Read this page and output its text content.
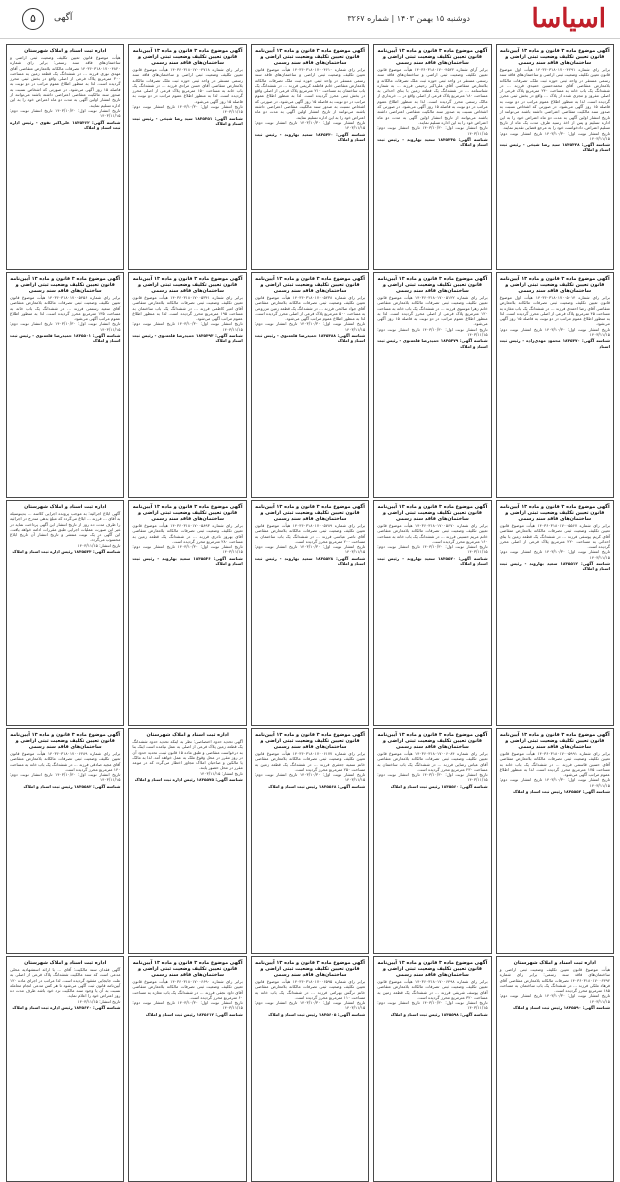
اسیاسا
دوشنبه ۱۵ بهمن ۱۴۰۳ | شماره ۳۲۶۷
آگهی
۵
آگهی موضوع ماده ۳ قانون و ماده ۱۳ آیین‌نامه قانون تعیین تکلیف وضعیت ثبتی اراضی و ساختمان‌های فاقد سند رسمی
برابر رای شماره ۱۴۰۳۶۰۳۱۸۰۱۷۰۰۴۲۹۱ هیأت اول موضوع قانون تعیین تکلیف وضعیت ثبتی اراضی و ساختمان‌های فاقد سند رسمی مستقر در واحد ثبتی حوزه ثبت ملک، تصرفات مالکانه بلامعارض متقاضی آقای محمدحسین حمیدی فرزند ... در ششدانگ یک باب خانه به مساحت ۲۴۰ مترمربع پلاک فرعی از اصلی مفروز و مجزی شده از پلاک ... واقع در بخش ثبتی محرز گردیده است. لذا به منظور اطلاع عموم مراتب در دو نوبت به فاصله ۱۵ روز آگهی می‌شود. در صورتی که اشخاص نسبت به صدور سند مالکیت متقاضی اعتراضی داشته باشند می‌توانند از تاریخ انتشار اولین آگهی به مدت دو ماه اعتراض خود را به این اداره تسلیم و پس از اخذ رسید ظرف مدت یک ماه از تاریخ تسلیم اعتراض، دادخواست خود را به مرجع قضایی تقدیم نمایند.
تاریخ انتشار نوبت اول: ۱۴۰۳/۱۰/۳۰ تاریخ انتشار نوبت دوم: ۱۴۰۳/۱۱/۱۵
شناسه آگهی: ۱۸۴۵۴۲۸ سید رضا شیخی - رئیس ثبت اسناد و املاک
آگهی موضوع ماده ۳ قانون و ماده ۱۳ آیین‌نامه قانون تعیین تکلیف وضعیت ثبتی اراضی و ساختمان‌های فاقد سند رسمی
برابر آرای شماره ۱۴۰۳۶۰۳۱۸۰۱۷۰۰۴۵۲۲ هیأت موضوع قانون تعیین تکلیف وضعیت ثبتی اراضی و ساختمان‌های فاقد سند رسمی مستقر در واحد ثبتی حوزه ثبت ملک تصرفات مالکانه و بلامعارض متقاضی آقای علی‌اکبر رحیمی فرزند ... به شماره شناسنامه ... در ششدانگ یک قطعه زمین با بنای احداثی به مساحت ۱۸۰ مترمربع پلاک فرعی از اصلی واقع در ... خریداری از مالک رسمی محرز گردیده است. لذا به منظور اطلاع عموم مراتب در دو نوبت به فاصله ۱۵ روز آگهی می‌شود. در صورتی که اشخاص نسبت به صدور سند مالکیت متقاضی اعتراضی داشته باشند می‌توانند از تاریخ انتشار اولین آگهی به مدت دو ماه اعتراض خود را به این اداره تسلیم نمایند.
تاریخ انتشار نوبت اول: ۱۴۰۳/۱۰/۳۰ تاریخ انتشار نوبت دوم: ۱۴۰۳/۱۱/۱۵
شناسه آگهی: ۱۸۴۵۴۳۵ سعید بهاروند - رئیس ثبت اسناد و املاک
آگهی موضوع ماده ۳ قانون و ماده ۱۳ آیین‌نامه قانون تعیین تکلیف وضعیت ثبتی اراضی و ساختمان‌های فاقد سند رسمی
برابر رای شماره ۱۴۰۳۶۰۳۱۸۰۱۷۰۰۴۶۱۰ هیأت موضوع قانون تعیین تکلیف وضعیت ثبتی اراضی و ساختمان‌های فاقد سند رسمی مستقر در واحد ثبتی حوزه ثبت ملک تصرفات مالکانه بلامعارض متقاضی خانم فاطمه کریمی فرزند ... در ششدانگ یک باب ساختمان به مساحت ۲۱۰ مترمربع پلاک فرعی از اصلی واقع در بخش ثبتی محرز گردیده است. لذا به منظور اطلاع عموم مراتب در دو نوبت به فاصله ۱۵ روز آگهی می‌شود. در صورتی که اشخاص نسبت به صدور سند مالکیت متقاضی اعتراضی داشته باشند می‌توانند از تاریخ انتشار اولین آگهی به مدت دو ماه اعتراض خود را به این اداره تسلیم نمایند.
تاریخ انتشار نوبت اول: ۱۴۰۳/۱۰/۳۰ تاریخ انتشار نوبت دوم: ۱۴۰۳/۱۱/۱۵
شناسه آگهی: ۱۸۴۵۴۴۰ سعید بهاروند - رئیس ثبت اسناد و املاک
آگهی موضوع ماده ۳ قانون و ماده ۱۳ آیین‌نامه قانون تعیین تکلیف وضعیت ثبتی اراضی و ساختمان‌های فاقد سند رسمی
برابر رای شماره ۱۴۰۳۶۰۳۱۸۰۱۷۰۰۴۷۱۸ هیأت موضوع قانون تعیین تکلیف وضعیت ثبتی اراضی و ساختمان‌های فاقد سند رسمی مستقر در واحد ثبتی حوزه ثبت ملک تصرفات مالکانه بلامعارض متقاضی آقای حسن مرادی فرزند ... در ششدانگ یک باب خانه به مساحت ۱۵۰ مترمربع پلاک فرعی از اصلی محرز گردیده است. لذا به منظور اطلاع عموم مراتب در دو نوبت به فاصله ۱۵ روز آگهی می‌شود.
تاریخ انتشار نوبت اول: ۱۴۰۳/۱۰/۳۰ تاریخ انتشار نوبت دوم: ۱۴۰۳/۱۱/۱۵
شناسه آگهی: ۱۸۴۵۴۵۱ سید رضا شیخی - رئیس ثبت اسناد و املاک
اداره ثبت اسناد و املاک شهرستان
هیأت موضوع قانون تعیین تکلیف وضعیت ثبتی اراضی و ساختمان‌های فاقد سند رسمی: برابر رای شماره ۱۴۰۳۶۰۳۱۸۰۱۷۰۰۴۸۲۰ تصرفات مالکانه بلامعارض متقاضی آقای مهدی نوری فرزند ... در ششدانگ یک قطعه زمین به مساحت ۳۰۰ مترمربع پلاک فرعی از اصلی واقع در بخش ثبتی محرز گردیده است. لذا به منظور اطلاع عموم مراتب در دو نوبت به فاصله ۱۵ روز آگهی می‌شود. در صورتی که اشخاص نسبت به صدور سند مالکیت متقاضی اعتراضی داشته باشند می‌توانند از تاریخ انتشار اولین آگهی به مدت دو ماه اعتراض خود را به این اداره تسلیم نمایند.
تاریخ انتشار نوبت اول: ۱۴۰۳/۱۰/۳۰ تاریخ انتشار نوبت دوم: ۱۴۰۳/۱۱/۱۵
شناسه آگهی: ۱۸۴۵۴۶۲ علی‌اکبر تقوی - رئیس اداره ثبت اسناد و املاک
آگهی موضوع ماده ۳ قانون و ماده ۱۳ آیین‌نامه قانون تعیین تکلیف وضعیت ثبتی اراضی و ساختمان‌های فاقد سند رسمی
برابر رای شماره ۱۴۰۳۶۰۳۱۸۰۱۷۰۰۵۰۱۴ هیأت اول موضوع قانون تعیین تکلیف وضعیت ثبتی تصرفات مالکانه بلامعارض متقاضی آقای رضا احمدی فرزند ... در ششدانگ یک باب مغازه به مساحت ۴۵ مترمربع پلاک فرعی از اصلی محرز گردیده است. لذا به منظور اطلاع عموم مراتب در دو نوبت به فاصله ۱۵ روز آگهی می‌شود.
تاریخ انتشار نوبت اول: ۱۴۰۳/۱۰/۳۰ تاریخ انتشار نوبت دوم: ۱۴۰۳/۱۱/۱۵
شناسه آگهی: ۱۸۴۵۴۷۰ محمود مهدی‌زاده - رئیس ثبت اسناد
آگهی موضوع ماده ۳ قانون و ماده ۱۳ آیین‌نامه قانون تعیین تکلیف وضعیت ثبتی اراضی و ساختمان‌های فاقد سند رسمی
برابر رای شماره ۱۴۰۳۶۰۳۱۸۰۱۷۰۰۵۱۲۲ هیأت موضوع قانون تعیین تکلیف وضعیت ثبتی تصرفات مالکانه بلامعارض متقاضی خانم زهرا موسوی فرزند ... در ششدانگ یک باب خانه به مساحت ۱۲۰ مترمربع پلاک فرعی از اصلی محرز گردیده است. لذا به منظور اطلاع عموم مراتب در دو نوبت به فاصله ۱۵ روز آگهی می‌شود.
تاریخ انتشار نوبت اول: ۱۴۰۳/۱۰/۳۰ تاریخ انتشار نوبت دوم: ۱۴۰۳/۱۱/۱۵
شناسه آگهی: ۱۸۴۵۴۷۹ حمیدرضا قلعه‌نوی - رئیس ثبت اسناد و املاک
آگهی موضوع ماده ۳ قانون و ماده ۱۳ آیین‌نامه قانون تعیین تکلیف وضعیت ثبتی اراضی و ساختمان‌های فاقد سند رسمی
برابر رای شماره ۱۴۰۳۶۰۳۱۸۰۱۷۰۰۵۲۳۸ هیأت موضوع قانون تعیین تکلیف وضعیت ثبتی تصرفات مالکانه بلامعارض متقاضی آقای جواد صالحی فرزند ... در ششدانگ یک قطعه زمین مزروعی به مساحت ۵۰۰ مترمربع پلاک فرعی از اصلی محرز گردیده است. لذا به منظور اطلاع عموم مراتب آگهی می‌شود.
تاریخ انتشار نوبت اول: ۱۴۰۳/۱۰/۳۰ تاریخ انتشار نوبت دوم: ۱۴۰۳/۱۱/۱۵
شناسه آگهی: ۱۸۴۵۴۸۸ حمیدرضا قلعه‌نوی - رئیس ثبت اسناد و املاک
آگهی موضوع ماده ۳ قانون و ماده ۱۳ آیین‌نامه قانون تعیین تکلیف وضعیت ثبتی اراضی و ساختمان‌های فاقد سند رسمی
برابر رای شماره ۱۴۰۳۶۰۳۱۸۰۱۷۰۰۵۳۴۱ هیأت موضوع قانون تعیین تکلیف وضعیت ثبتی تصرفات مالکانه بلامعارض متقاضی آقای امیر کاظمی فرزند ... در ششدانگ یک باب ساختمان به مساحت ۱۹۵ مترمربع محرز گردیده است. لذا به منظور اطلاع عموم مراتب آگهی می‌شود.
تاریخ انتشار نوبت اول: ۱۴۰۳/۱۰/۳۰ تاریخ انتشار نوبت دوم: ۱۴۰۳/۱۱/۱۵
شناسه آگهی: ۱۸۴۵۴۹۳ حمیدرضا قلعه‌نوی - رئیس ثبت اسناد و املاک
آگهی موضوع ماده ۳ قانون و ماده ۱۳ آیین‌نامه قانون تعیین تکلیف وضعیت ثبتی اراضی و ساختمان‌های فاقد سند رسمی
برابر رای شماره ۱۴۰۳۶۰۳۱۸۰۱۷۰۰۵۴۵۶ هیأت موضوع قانون تعیین تکلیف وضعیت ثبتی تصرفات مالکانه بلامعارض متقاضی آقای سعید رستمی فرزند ... در ششدانگ یک باب خانه به مساحت ۱۳۵ مترمربع محرز گردیده است. لذا به منظور اطلاع عموم مراتب آگهی می‌شود.
تاریخ انتشار نوبت اول: ۱۴۰۳/۱۰/۳۰ تاریخ انتشار نوبت دوم: ۱۴۰۳/۱۱/۱۵
شناسه آگهی: ۱۸۴۵۵۰۱ حمیدرضا قلعه‌نوی - رئیس ثبت اسناد و املاک
آگهی موضوع ماده ۳ قانون و ماده ۱۳ آیین‌نامه قانون تعیین تکلیف وضعیت ثبتی اراضی و ساختمان‌های فاقد سند رسمی
برابر رای شماره ۱۴۰۳۶۰۳۱۸۰۱۷۰۰۵۵۶۷ هیأت موضوع قانون تعیین تکلیف وضعیت ثبتی تصرفات مالکانه بلامعارض متقاضی آقای کریم یوسفی فرزند ... در ششدانگ یک قطعه زمین با بنای احداثی به مساحت ۲۲۰ مترمربع پلاک فرعی از اصلی محرز گردیده است.
تاریخ انتشار نوبت اول: ۱۴۰۳/۱۰/۳۰ تاریخ انتشار نوبت دوم: ۱۴۰۳/۱۱/۱۵
شناسه آگهی: ۱۸۴۵۵۱۲ سعید بهاروند - رئیس ثبت اسناد و املاک
آگهی موضوع ماده ۳ قانون و ماده ۱۳ آیین‌نامه قانون تعیین تکلیف وضعیت ثبتی اراضی و ساختمان‌های فاقد سند رسمی
برابر رای شماره ۱۴۰۳۶۰۳۱۸۰۱۷۰۰۵۶۷۰ هیأت موضوع قانون تعیین تکلیف وضعیت ثبتی تصرفات مالکانه بلامعارض متقاضی خانم مریم حسینی فرزند ... در ششدانگ یک باب خانه به مساحت ۱۶۰ مترمربع محرز گردیده است.
تاریخ انتشار نوبت اول: ۱۴۰۳/۱۰/۳۰ تاریخ انتشار نوبت دوم: ۱۴۰۳/۱۱/۱۵
شناسه آگهی: ۱۸۴۵۵۲۰ سعید بهاروند - رئیس ثبت اسناد و املاک
آگهی موضوع ماده ۳ قانون و ماده ۱۳ آیین‌نامه قانون تعیین تکلیف وضعیت ثبتی اراضی و ساختمان‌های فاقد سند رسمی
برابر رای شماره ۱۴۰۳۶۰۳۱۸۰۱۷۰۰۵۷۸۹ هیأت موضوع قانون تعیین تکلیف وضعیت ثبتی تصرفات مالکانه بلامعارض متقاضی آقای ناصر عباسی فرزند ... در ششدانگ یک باب ساختمان به مساحت ۲۰۰ مترمربع محرز گردیده است.
تاریخ انتشار نوبت اول: ۱۴۰۳/۱۰/۳۰ تاریخ انتشار نوبت دوم: ۱۴۰۳/۱۱/۱۵
شناسه آگهی: ۱۸۴۵۵۲۸ سعید بهاروند - رئیس ثبت اسناد و املاک
آگهی موضوع ماده ۳ قانون و ماده ۱۳ آیین‌نامه قانون تعیین تکلیف وضعیت ثبتی اراضی و ساختمان‌های فاقد سند رسمی
برابر رای شماره ۱۴۰۳۶۰۳۱۸۰۱۷۰۰۵۸۹۳ هیأت موضوع قانون تعیین تکلیف وضعیت ثبتی تصرفات مالکانه بلامعارض متقاضی آقای بهروز نادری فرزند ... در ششدانگ یک قطعه زمین به مساحت ۲۸۰ مترمربع محرز گردیده است.
تاریخ انتشار نوبت اول: ۱۴۰۳/۱۰/۳۰ تاریخ انتشار نوبت دوم: ۱۴۰۳/۱۱/۱۵
شناسه آگهی: ۱۸۴۵۵۳۶ سعید بهاروند - رئیس ثبت اسناد و املاک
اداره ثبت اسناد و املاک شهرستان
آگهی ابلاغ اجرائیه: به موجب پرونده اجرایی کلاسه ... بدینوسیله به آقای ... فرزند ... ابلاغ می‌گردد که مبلغ بدهی مندرج در اجرائیه را ظرف مدت ده روز از تاریخ انتشار این آگهی پرداخت نماید در غیر این صورت عملیات اجرایی طبق مقررات ادامه خواهد یافت. این آگهی در یک نوبت منتشر و تاریخ انتشار آن تاریخ ابلاغ محسوب می‌گردد.
تاریخ انتشار: ۱۴۰۳/۱۱/۱۵
شناسه آگهی: ۱۸۴۵۵۴۴ رئیس اداره ثبت اسناد و املاک
آگهی موضوع ماده ۳ قانون و ماده ۱۳ آیین‌نامه قانون تعیین تکلیف وضعیت ثبتی اراضی و ساختمان‌های فاقد سند رسمی
برابر رای شماره ۱۴۰۳۶۰۳۱۸۰۱۷۰۰۵۹۹۱ هیأت موضوع قانون تعیین تکلیف وضعیت ثبتی تصرفات مالکانه بلامعارض متقاضی آقای حسین قاسمی فرزند ... در ششدانگ یک باب خانه به مساحت ۱۷۵ مترمربع محرز گردیده است. لذا به منظور اطلاع عموم مراتب آگهی می‌شود.
تاریخ انتشار نوبت اول: ۱۴۰۳/۱۰/۳۰ تاریخ انتشار نوبت دوم: ۱۴۰۳/۱۱/۱۵
شناسه آگهی: ۱۸۴۵۵۵۲ رئیس ثبت اسناد و املاک
آگهی موضوع ماده ۳ قانون و ماده ۱۳ آیین‌نامه قانون تعیین تکلیف وضعیت ثبتی اراضی و ساختمان‌های فاقد سند رسمی
برابر رای شماره ۱۴۰۳۶۰۳۱۸۰۱۷۰۰۶۰۸۴ هیأت موضوع قانون تعیین تکلیف وضعیت ثبتی تصرفات مالکانه بلامعارض متقاضی آقای عباس رضایی فرزند ... در ششدانگ یک باب ساختمان به مساحت ۲۳۰ مترمربع محرز گردیده است.
تاریخ انتشار نوبت اول: ۱۴۰۳/۱۰/۳۰ تاریخ انتشار نوبت دوم: ۱۴۰۳/۱۱/۱۵
شناسه آگهی: ۱۸۴۵۵۶۰ رئیس ثبت اسناد و املاک
آگهی موضوع ماده ۳ قانون و ماده ۱۳ آیین‌نامه قانون تعیین تکلیف وضعیت ثبتی اراضی و ساختمان‌های فاقد سند رسمی
برابر رای شماره ۱۴۰۳۶۰۳۱۸۰۱۷۰۰۶۱۷۷ هیأت موضوع قانون تعیین تکلیف وضعیت ثبتی تصرفات مالکانه بلامعارض متقاضی خانم سمیه جعفری فرزند ... در ششدانگ یک قطعه زمین به مساحت ۲۵۰ مترمربع محرز گردیده است.
تاریخ انتشار نوبت اول: ۱۴۰۳/۱۰/۳۰ تاریخ انتشار نوبت دوم: ۱۴۰۳/۱۱/۱۵
شناسه آگهی: ۱۸۴۵۵۶۸ رئیس ثبت اسناد و املاک
اداره ثبت اسناد و املاک شهرستان
آگهی تحدید حدود اختصاصی: نظر به اینکه تحدید حدود ششدانگ یک قطعه زمین پلاک فرعی از اصلی به عمل نیامده است اینک بنا به درخواست متقاضی و طبق ماده ۱۵ قانون ثبت، تحدید حدود آن در روز مقرر در محل وقوع ملک به عمل خواهد آمد. لذا به مالک یا مالکین و صاحبان املاک مجاور اخطار می‌گردد که در موعد مقرر در محل حضور یابند.
تاریخ انتشار: ۱۴۰۳/۱۱/۱۵
شناسه آگهی: ۱۸۴۵۵۷۵ رئیس اداره ثبت اسناد و املاک
آگهی موضوع ماده ۳ قانون و ماده ۱۳ آیین‌نامه قانون تعیین تکلیف وضعیت ثبتی اراضی و ساختمان‌های فاقد سند رسمی
برابر رای شماره ۱۴۰۳۶۰۳۱۸۰۱۷۰۰۶۲۸۹ هیأت موضوع قانون تعیین تکلیف وضعیت ثبتی تصرفات مالکانه بلامعارض متقاضی آقای مجید صادقی فرزند ... در ششدانگ یک باب خانه به مساحت ۱۴۰ مترمربع محرز گردیده است.
تاریخ انتشار نوبت اول: ۱۴۰۳/۱۰/۳۰ تاریخ انتشار نوبت دوم: ۱۴۰۳/۱۱/۱۵
شناسه آگهی: ۱۸۴۵۵۸۲ رئیس ثبت اسناد و املاک
اداره ثبت اسناد و املاک شهرستان
هیأت موضوع قانون تعیین تکلیف وضعیت ثبتی اراضی و ساختمان‌های فاقد سند رسمی: برابر رای شماره ۱۴۰۳۶۰۳۱۸۰۱۷۰۰۶۳۹۲ تصرفات مالکانه بلامعارض متقاضی آقای فرهاد ملکی فرزند ... در ششدانگ یک باب ساختمان به مساحت ۱۸۵ مترمربع محرز گردیده است.
تاریخ انتشار نوبت اول: ۱۴۰۳/۱۰/۳۰ تاریخ انتشار نوبت دوم: ۱۴۰۳/۱۱/۱۵
شناسه آگهی: ۱۸۴۵۵۹۰ رئیس ثبت اسناد و املاک
آگهی موضوع ماده ۳ قانون و ماده ۱۳ آیین‌نامه قانون تعیین تکلیف وضعیت ثبتی اراضی و ساختمان‌های فاقد سند رسمی
برابر رای شماره ۱۴۰۳۶۰۳۱۸۰۱۷۰۰۶۴۹۸ هیأت موضوع قانون تعیین تکلیف وضعیت ثبتی تصرفات مالکانه بلامعارض متقاضی آقای یوسف شریفی فرزند ... در ششدانگ یک قطعه زمین به مساحت ۳۲۰ مترمربع محرز گردیده است.
تاریخ انتشار نوبت اول: ۱۴۰۳/۱۰/۳۰ تاریخ انتشار نوبت دوم: ۱۴۰۳/۱۱/۱۵
شناسه آگهی: ۱۸۴۵۵۹۸ رئیس ثبت اسناد و املاک
آگهی موضوع ماده ۳ قانون و ماده ۱۳ آیین‌نامه قانون تعیین تکلیف وضعیت ثبتی اراضی و ساختمان‌های فاقد سند رسمی
برابر رای شماره ۱۴۰۳۶۰۳۱۸۰۱۷۰۰۶۵۹۵ هیأت موضوع قانون تعیین تکلیف وضعیت ثبتی تصرفات مالکانه بلامعارض متقاضی خانم نرگس بهرامی فرزند ... در ششدانگ یک باب خانه به مساحت ۱۱۰ مترمربع محرز گردیده است.
تاریخ انتشار نوبت اول: ۱۴۰۳/۱۰/۳۰ تاریخ انتشار نوبت دوم: ۱۴۰۳/۱۱/۱۵
شناسه آگهی: ۱۸۴۵۶۰۵ رئیس ثبت اسناد و املاک
آگهی موضوع ماده ۳ قانون و ماده ۱۳ آیین‌نامه قانون تعیین تکلیف وضعیت ثبتی اراضی و ساختمان‌های فاقد سند رسمی
برابر رای شماره ۱۴۰۳۶۰۳۱۸۰۱۷۰۰۶۶۹۰ هیأت موضوع قانون تعیین تکلیف وضعیت ثبتی تصرفات مالکانه بلامعارض متقاضی آقای داود نجفی فرزند ... در ششدانگ یک باب مغازه به مساحت ۶۰ مترمربع محرز گردیده است.
تاریخ انتشار نوبت اول: ۱۴۰۳/۱۰/۳۰ تاریخ انتشار نوبت دوم: ۱۴۰۳/۱۱/۱۵
شناسه آگهی: ۱۸۴۵۶۱۲ رئیس ثبت اسناد و املاک
اداره ثبت اسناد و املاک شهرستان
آگهی فقدان سند مالکیت: آقای ... با ارائه استشهادیه محلی مدعی است که سند مالکیت ششدانگ پلاک فرعی از اصلی به علت جابجایی مفقود گردیده است. لذا مراتب در اجرای ماده ۱۲۰ آیین‌نامه قانون ثبت آگهی می‌شود تا هر کس مدعی انجام معامله نسبت به آن یا وجود سند مالکیت نزد خود باشد ظرف مدت ده روز اعتراض خود را اعلام نماید.
تاریخ انتشار: ۱۴۰۳/۱۱/۱۵
شناسه آگهی: ۱۸۴۵۶۲۰ رئیس اداره ثبت اسناد و املاک
